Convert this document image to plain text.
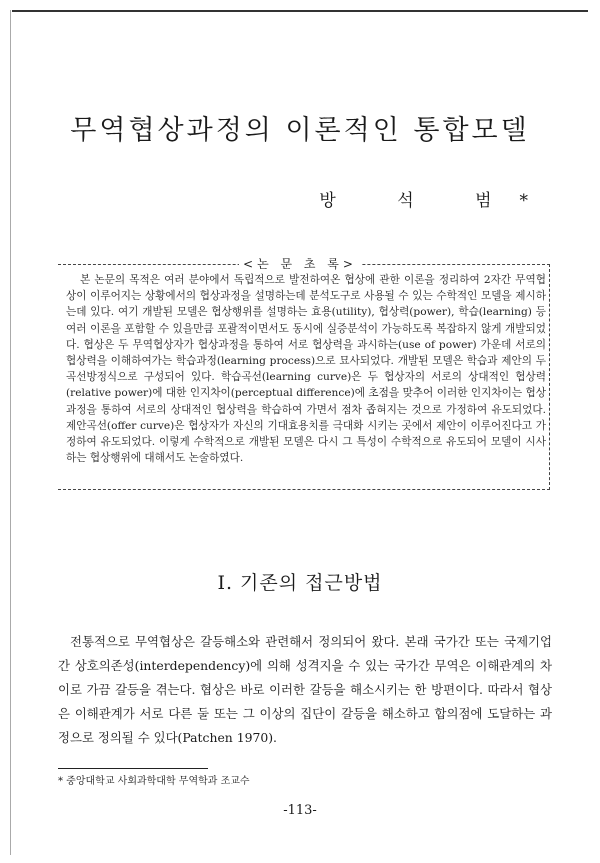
무역협상과정의 이론적인 통합모델

방 석 범*

<논 문 초 록>

본 논문의 목적은 여러 분야에서 독립적으로 발전하여온 협상에 관한 이론을 정리하여 2자간 무역협상이 이루어지는 상황에서의 협상과정을 설명하는데 분석도구로 사용될 수 있는 수학적인 모델을 제시하는데 있다. 여기 개발된 모델은 협상행위를 설명하는 효용(utility), 협상력(power), 학습(learning) 등 여러 이론을 포함할 수 있을만큼 포괄적이면서도 동시에 실증분석이 가능하도록 복잡하지 않게 개발되었다. 협상은 두 무역협상자가 협상과정을 통하여 서로 협상력을 과시하는(use of power) 가운데 서로의 협상력을 이해하여가는 학습과정(learning process)으로 묘사되었다. 개발된 모델은 학습과 제안의 두 곡선방정식으로 구성되어 있다. 학습곡선(learning curve)은 두 협상자의 서로의 상대적인 협상력(relative power)에 대한 인지차이(perceptual difference)에 초점을 맞추어 이러한 인지차이는 협상과정을 통하여 서로의 상대적인 협상력을 학습하여 가면서 점차 좁혀지는 것으로 가정하여 유도되었다. 제안곡선(offer curve)은 협상자가 자신의 기대효용치를 극대화 시키는 곳에서 제안이 이루어진다고 가정하여 유도되었다. 이렇게 수학적으로 개발된 모델은 다시 그 특성이 수학적으로 유도되어 모델이 시사하는 협상행위에 대해서도 논술하였다.

I. 기존의 접근방법

전통적으로 무역협상은 갈등해소와 관련해서 정의되어 왔다. 본래 국가간 또는 국제기업간 상호의존성(interdependency)에 의해 성격지을 수 있는 국가간 무역은 이해관계의 차이로 가끔 갈등을 겪는다. 협상은 바로 이러한 갈등을 해소시키는 한 방편이다. 따라서 협상은 이해관계가 서로 다른 둘 또는 그 이상의 집단이 갈등을 해소하고 합의점에 도달하는 과정으로 정의될 수 있다(Patchen 1970).

* 중앙대학교 사회과학대학 무역학과 조교수

-113-
